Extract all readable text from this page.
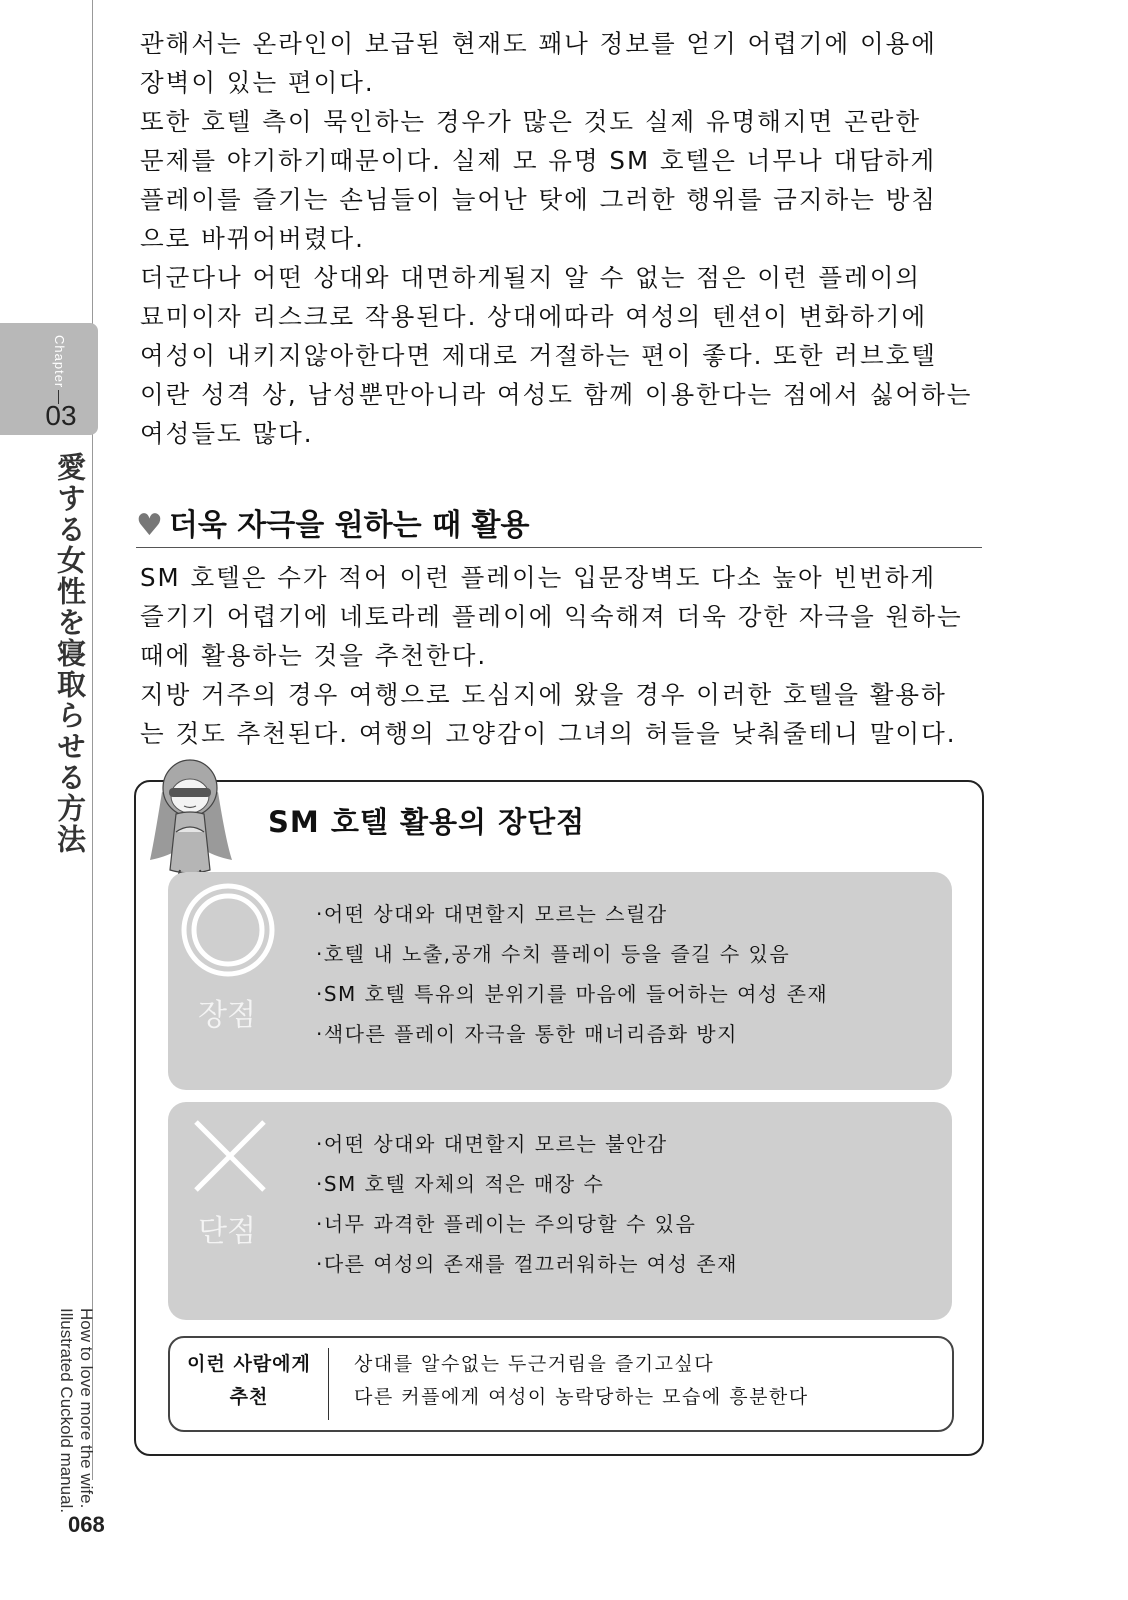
Chapter
03
愛する女性を寝取らせる方法
How to love more the wife.
Illustrated Cuckold manual.
068

관해서는 온라인이 보급된 현재도 꽤나 정보를 얻기 어렵기에 이용에

장벽이 있는 편이다.

또한 호텔 측이 묵인하는 경우가 많은 것도 실제 유명해지면 곤란한

문제를 야기하기때문이다. 실제 모 유명 SM 호텔은 너무나 대담하게

플레이를 즐기는 손님들이 늘어난 탓에 그러한 행위를 금지하는 방침

으로 바뀌어버렸다.

더군다나 어떤 상대와 대면하게될지 알 수 없는 점은 이런 플레이의

묘미이자 리스크로 작용된다. 상대에따라 여성의 텐션이 변화하기에

여성이 내키지않아한다면 제대로 거절하는 편이 좋다. 또한 러브호텔

이란 성격 상, 남성뿐만아니라 여성도 함께 이용한다는 점에서 싫어하는

여성들도 많다.

♥ 더욱 자극을 원하는 때 활용

SM 호텔은 수가 적어 이런 플레이는 입문장벽도 다소 높아 빈번하게

즐기기 어렵기에 네토라레 플레이에 익숙해져 더욱 강한 자극을 원하는

때에 활용하는 것을 추천한다.

지방 거주의 경우 여행으로 도심지에 왔을 경우 이러한 호텔을 활용하

는 것도 추천된다. 여행의 고양감이 그녀의 허들을 낮춰줄테니 말이다.

SM 호텔 활용의 장단점
장점
·어떤 상대와 대면할지 모르는 스릴감
·호텔 내 노출,공개 수치 플레이 등을 즐길 수 있음
·SM 호텔 특유의 분위기를 마음에 들어하는 여성 존재
·색다른 플레이 자극을 통한 매너리즘화 방지
단점
·어떤 상대와 대면할지 모르는 불안감
·SM 호텔 자체의 적은 매장 수
·너무 과격한 플레이는 주의당할 수 있음
·다른 여성의 존재를 껄끄러워하는 여성 존재
이런 사람에게
추천
상대를 알수없는 두근거림을 즐기고싶다
다른 커플에게 여성이 농락당하는 모습에 흥분한다
